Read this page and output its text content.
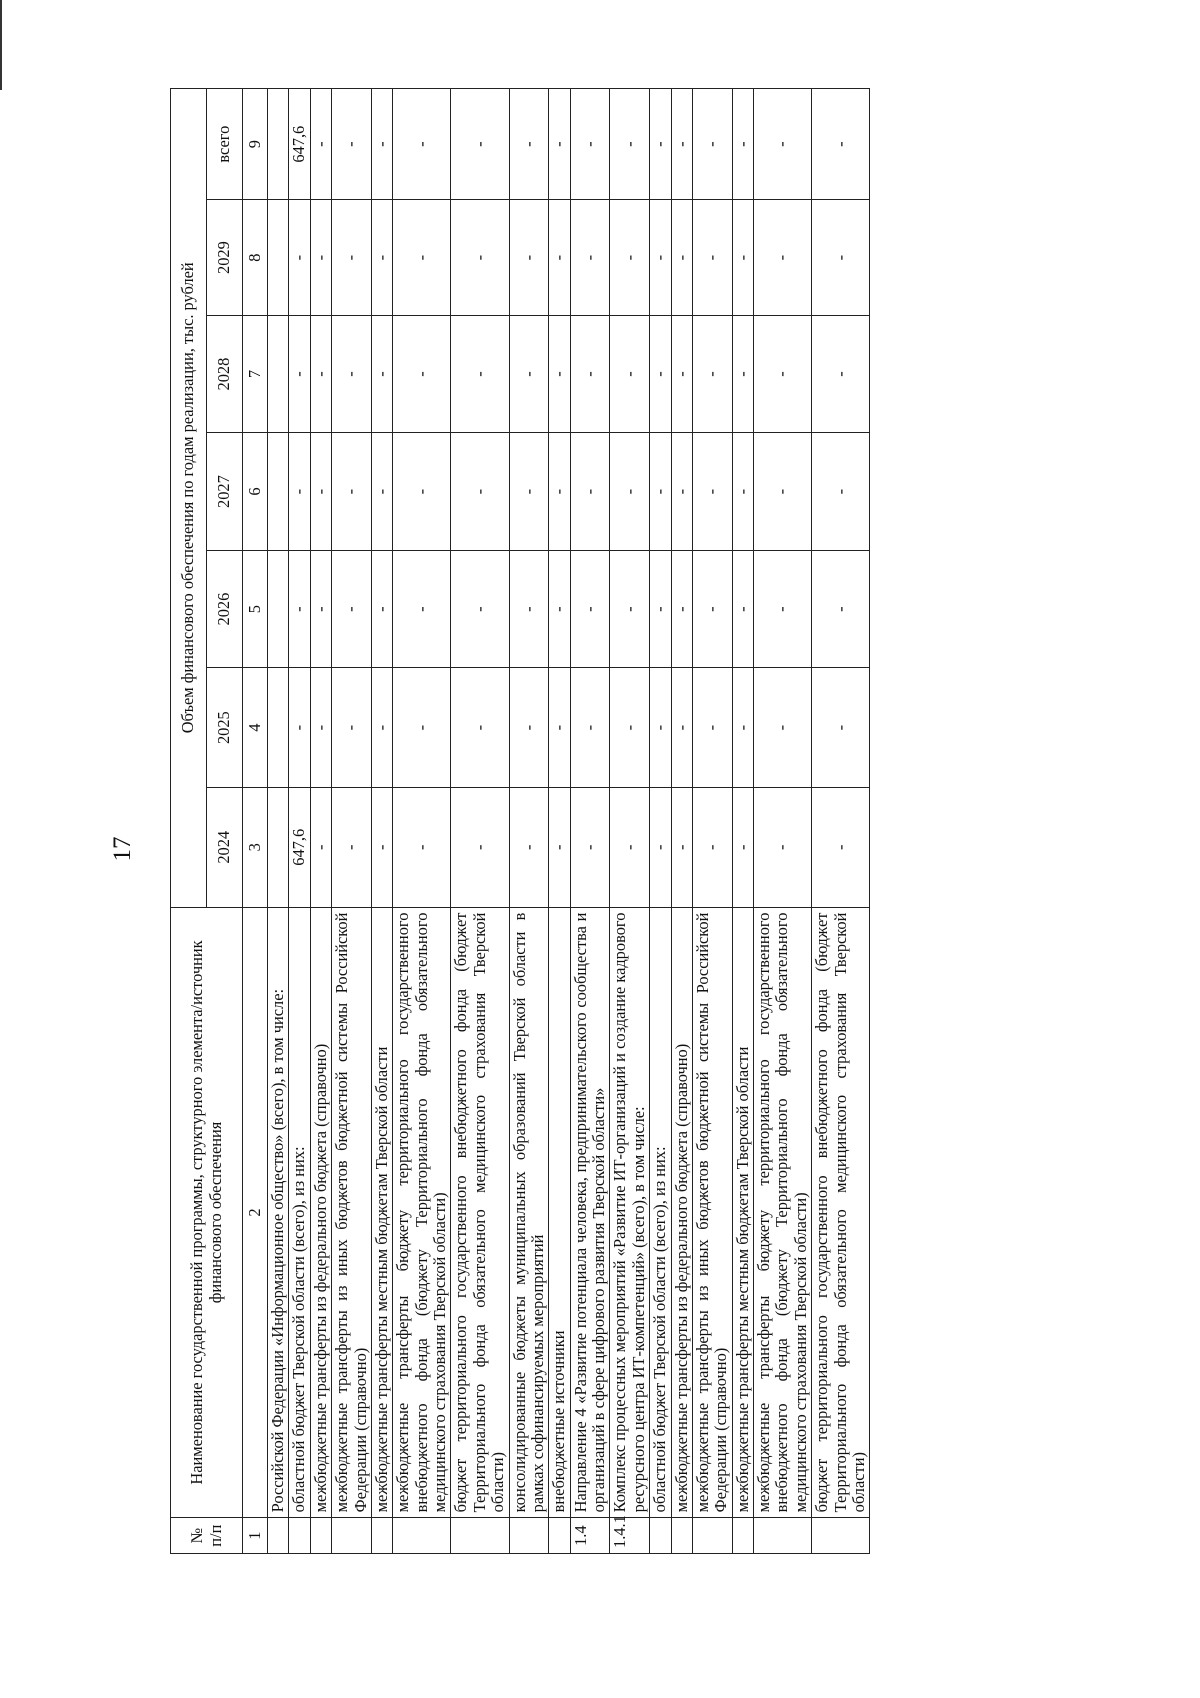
17
№ п/п	Наименование государственной программы, структурного элемента/источник финансового обеспечения	Объем финансового обеспечения по годам реализации, тыс. рублей						
		2024	2025	2026	2027	2028	2029	всего
1	2	3	4	5	6	7	8	9
	Российской Федерации «Информационное общество» (всего), в том числе:							
	областной бюджет Тверской области (всего), из них:	647,6	-	-	-	-	-	647,6
	межбюджетные трансферты из федерального бюджета (справочно)	-	-	-	-	-	-	-
	межбюджетные трансферты из иных бюджетов бюджетной системы Российской Федерации (справочно)	-	-	-	-	-	-	-
	межбюджетные трансферты местным бюджетам Тверской области	-	-	-	-	-	-	-
	межбюджетные трансферты бюджету территориального государственного внебюджетного фонда (бюджету Территориального фонда обязательного медицинского страхования Тверской области)	-	-	-	-	-	-	-
	бюджет территориального государственного внебюджетного фонда (бюджет Территориального фонда обязательного медицинского страхования Тверской области)	-	-	-	-	-	-	-
	консолидированные бюджеты муниципальных образований Тверской области в рамках софинансируемых мероприятий	-	-	-	-	-	-	-
	внебюджетные источники	-	-	-	-	-	-	-
1.4	Направление 4 «Развитие потенциала человека, предпринимательского сообщества и организаций в сфере цифрового развития Тверской области»	-	-	-	-	-	-	-
1.4.1	Комплекс процессных мероприятий «Развитие ИТ-организаций и создание кадрового ресурсного центра ИТ-компетенций» (всего), в том числе:	-	-	-	-	-	-	-
	областной бюджет Тверской области (всего), из них:	-	-	-	-	-	-	-
	межбюджетные трансферты из федерального бюджета (справочно)	-	-	-	-	-	-	-
	межбюджетные трансферты из иных бюджетов бюджетной системы Российской Федерации (справочно)	-	-	-	-	-	-	-
	межбюджетные трансферты местным бюджетам Тверской области	-	-	-	-	-	-	-
	межбюджетные трансферты бюджету территориального государственного внебюджетного фонда (бюджету Территориального фонда обязательного медицинского страхования Тверской области)	-	-	-	-	-	-	-
	бюджет территориального государственного внебюджетного фонда (бюджет Территориального фонда обязательного медицинского страхования Тверской области)	-	-	-	-	-	-	-
